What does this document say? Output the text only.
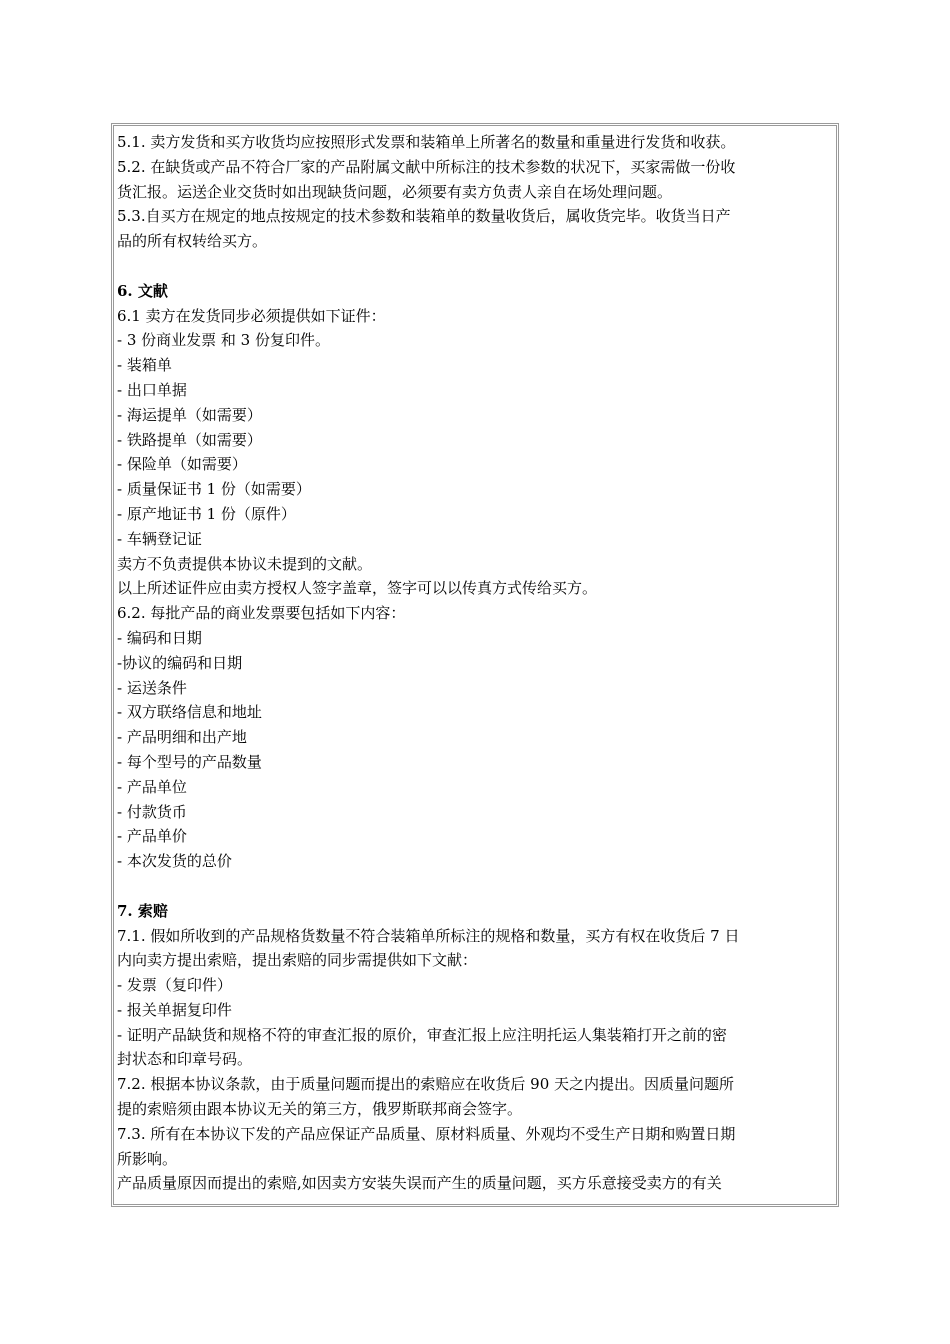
5.1. 卖方发货和买方收货均应按照形式发票和装箱单上所著名的数量和重量进行发货和收获。
5.2. 在缺货或产品不符合厂家的产品附属文献中所标注的技术参数的状况下，买家需做一份收
货汇报。运送企业交货时如出现缺货问题，必须要有卖方负责人亲自在场处理问题。
5.3.自买方在规定的地点按规定的技术参数和装箱单的数量收货后，属收货完毕。收货当日产
品的所有权转给买方。
6. 文献
6.1 卖方在发货同步必须提供如下证件：
- 3 份商业发票 和 3 份复印件。
- 装箱单
- 出口单据
- 海运提单（如需要）
- 铁路提单（如需要）
- 保险单（如需要）
- 质量保证书 1 份（如需要）
- 原产地证书 1 份（原件）
- 车辆登记证
卖方不负责提供本协议未提到的文献。
以上所述证件应由卖方授权人签字盖章，签字可以以传真方式传给买方。
6.2. 每批产品的商业发票要包括如下内容：
- 编码和日期
-协议的编码和日期
- 运送条件
- 双方联络信息和地址
- 产品明细和出产地
- 每个型号的产品数量
- 产品单位
- 付款货币
- 产品单价
- 本次发货的总价
7. 索赔
7.1. 假如所收到的产品规格货数量不符合装箱单所标注的规格和数量，买方有权在收货后 7 日
内向卖方提出索赔，提出索赔的同步需提供如下文献：
- 发票（复印件）
- 报关单据复印件
- 证明产品缺货和规格不符的审查汇报的原价，审查汇报上应注明托运人集装箱打开之前的密
封状态和印章号码。
7.2. 根据本协议条款，由于质量问题而提出的索赔应在收货后 90 天之内提出。因质量问题所
提的索赔须由跟本协议无关的第三方，俄罗斯联邦商会签字。
7.3. 所有在本协议下发的产品应保证产品质量、原材料质量、外观均不受生产日期和购置日期
所影响。
产品质量原因而提出的索赔,如因卖方安装失误而产生的质量问题，买方乐意接受卖方的有关
